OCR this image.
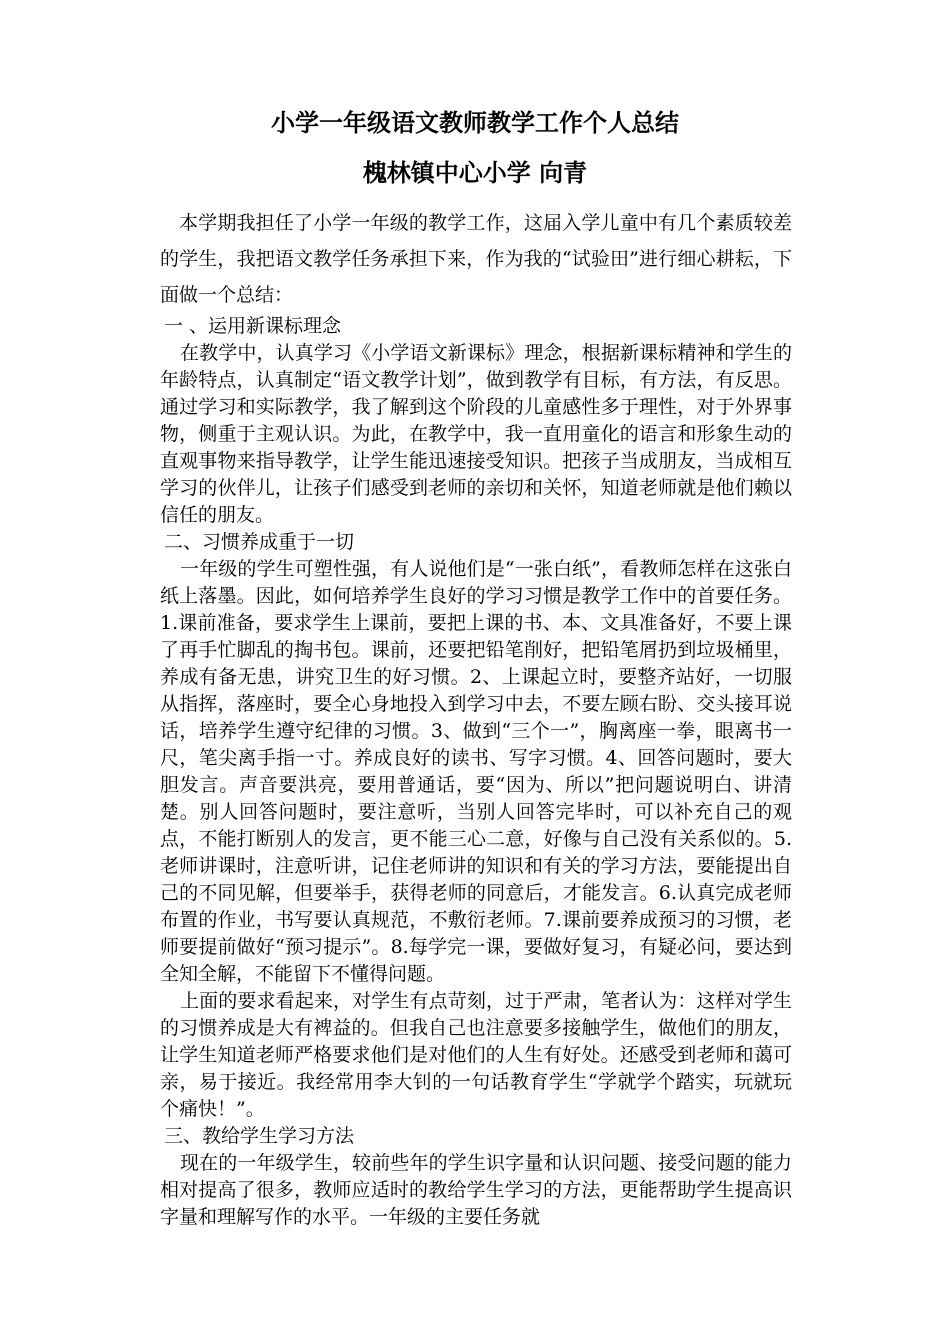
小学一年级语文教师教学工作个人总结
槐林镇中心小学 向青

本学期我担任了小学一年级的教学工作，这届入学儿童中有几个素质较差的学生，我把语文教学任务承担下来，作为我的“试验田”进行细心耕耘，下面做一个总结：

一 、运用新课标理念

在教学中，认真学习《小学语文新课标》理念，根据新课标精神和学生的年龄特点，认真制定“语文教学计划”，做到教学有目标，有方法，有反思。通过学习和实际教学，我了解到这个阶段的儿童感性多于理性，对于外界事物，侧重于主观认识。为此，在教学中，我一直用童化的语言和形象生动的直观事物来指导教学，让学生能迅速接受知识。把孩子当成朋友，当成相互学习的伙伴儿，让孩子们感受到老师的亲切和关怀，知道老师就是他们赖以信任的朋友。

二、习惯养成重于一切

一年级的学生可塑性强，有人说他们是“一张白纸”，看教师怎样在这张白纸上落墨。因此，如何培养学生良好的学习习惯是教学工作中的首要任务。1.课前准备，要求学生上课前，要把上课的书、本、文具准备好，不要上课了再手忙脚乱的掏书包。课前，还要把铅笔削好，把铅笔屑扔到垃圾桶里，养成有备无患，讲究卫生的好习惯。2、上课起立时，要整齐站好，一切服从指挥，落座时，要全心身地投入到学习中去，不要左顾右盼、交头接耳说话，培养学生遵守纪律的习惯。3、做到“三个一”，胸离座一拳，眼离书一尺，笔尖离手指一寸。养成良好的读书、写字习惯。4、回答问题时，要大胆发言。声音要洪亮，要用普通话，要“因为、所以”把问题说明白、讲清楚。别人回答问题时，要注意听，当别人回答完毕时，可以补充自己的观点，不能打断别人的发言，更不能三心二意，好像与自己没有关系似的。5.老师讲课时，注意听讲，记住老师讲的知识和有关的学习方法，要能提出自己的不同见解，但要举手，获得老师的同意后，才能发言。6.认真完成老师布置的作业，书写要认真规范，不敷衍老师。7.课前要养成预习的习惯，老师要提前做好“预习提示”。8.每学完一课，要做好复习，有疑必问，要达到全知全解，不能留下不懂得问题。

上面的要求看起来，对学生有点苛刻，过于严肃，笔者认为：这样对学生的习惯养成是大有裨益的。但我自己也注意要多接触学生，做他们的朋友，让学生知道老师严格要求他们是对他们的人生有好处。还感受到老师和蔼可亲，易于接近。我经常用李大钊的一句话教育学生“学就学个踏实，玩就玩个痛快！”。

三、教给学生学习方法

现在的一年级学生，较前些年的学生识字量和认识问题、接受问题的能力相对提高了很多，教师应适时的教给学生学习的方法，更能帮助学生提高识字量和理解写作的水平。一年级的主要任务就
